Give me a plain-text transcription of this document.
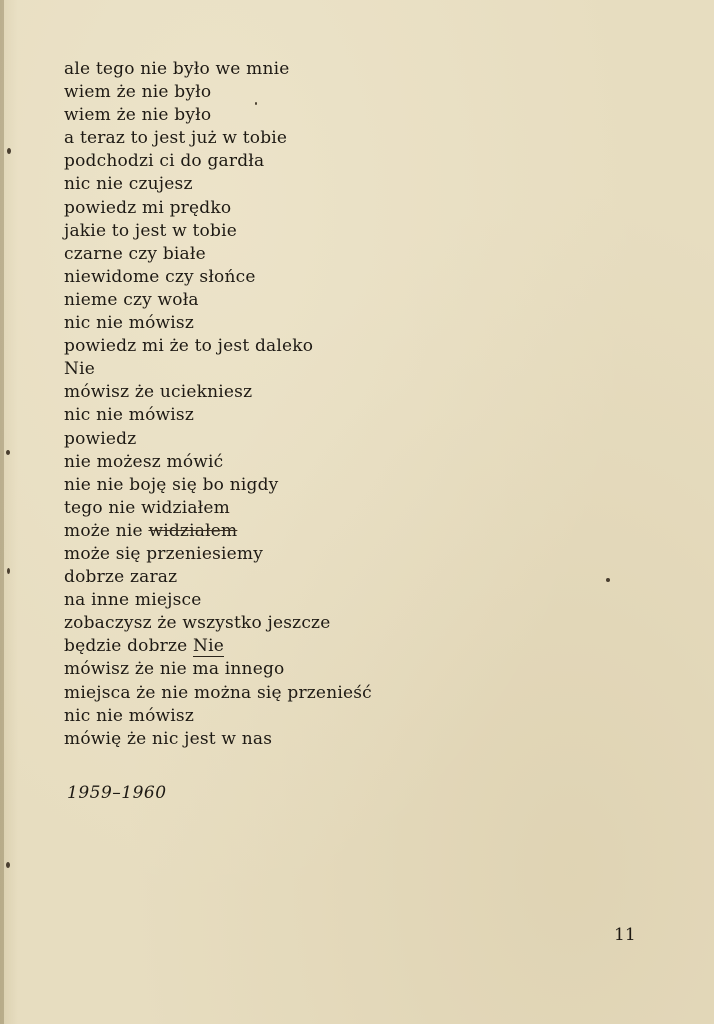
ale tego nie było we mnie
wiem że nie było
wiem że nie było
a teraz to jest już w tobie
podchodzi ci do gardła
nic nie czujesz
powiedz mi prędko
jakie to jest w tobie
czarne czy białe
niewidome czy słońce
nieme czy woła
nic nie mówisz
powiedz mi że to jest daleko
Nie
mówisz że uciekniesz
nic nie mówisz
powiedz
nie możesz mówić
nie nie boję się bo nigdy
tego nie widziałem
może nie widziałem
może się przeniesiemy
dobrze zaraz
na inne miejsce
zobaczysz że wszystko jeszcze
będzie dobrze Nie
mówisz że nie ma innego
miejsca że nie można się przenieść
nic nie mówisz
mówię że nic jest w nas
1959–1960
11
